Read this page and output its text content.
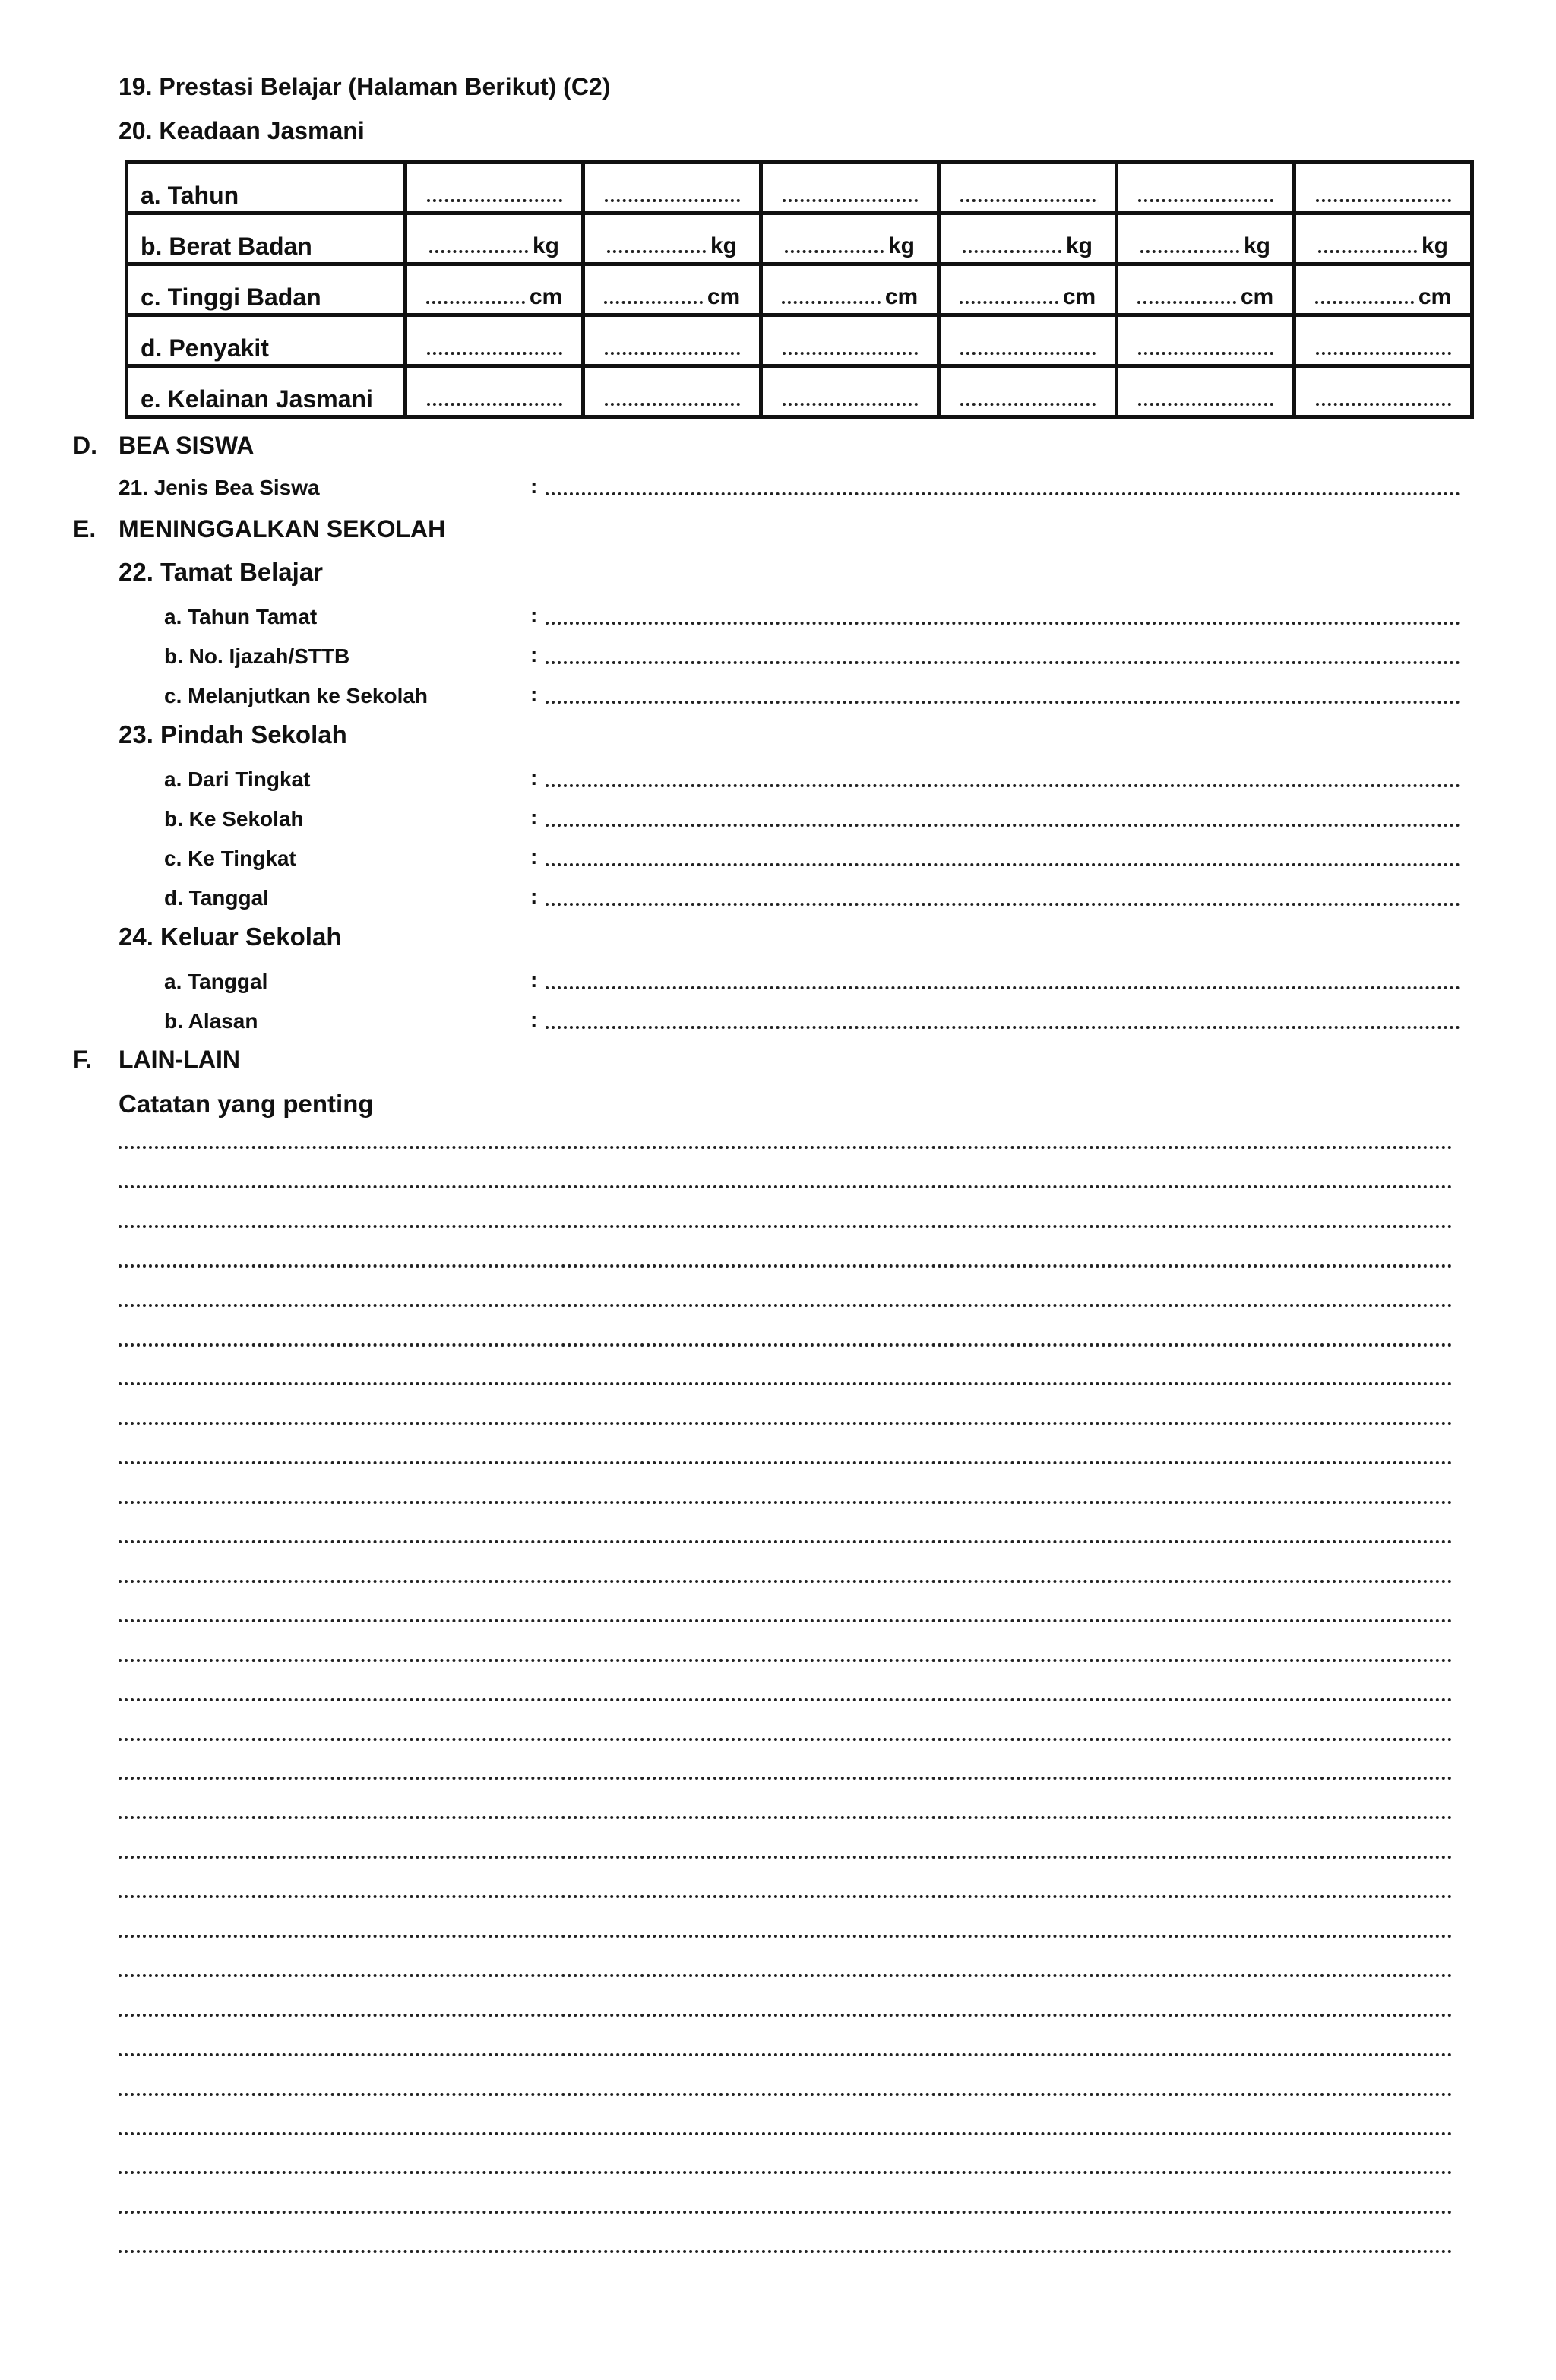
19. Prestasi Belajar (Halaman Berikut) (C2)
20. Keadaan Jasmani
a. Tahun	

b. Berat Badan	kg	kg	kg	kg	kg	kg

c. Tinggi Badan	cm	cm	cm	cm	cm	cm

d. Penyakit	

e. Kelainan Jasmani	

D. BEA SISWA
21. Jenis Bea Siswa	:
E. MENINGGALKAN SEKOLAH
22. Tamat Belajar
a. Tahun Tamat	:
b. No. Ijazah/STTB	:
c. Melanjutkan ke Sekolah	:
23. Pindah Sekolah
a. Dari Tingkat	:
b. Ke Sekolah	:
c. Ke Tingkat	:
d. Tanggal	:
24. Keluar Sekolah
a. Tanggal	:
b. Alasan	:
F. LAIN-LAIN
Catatan yang penting
